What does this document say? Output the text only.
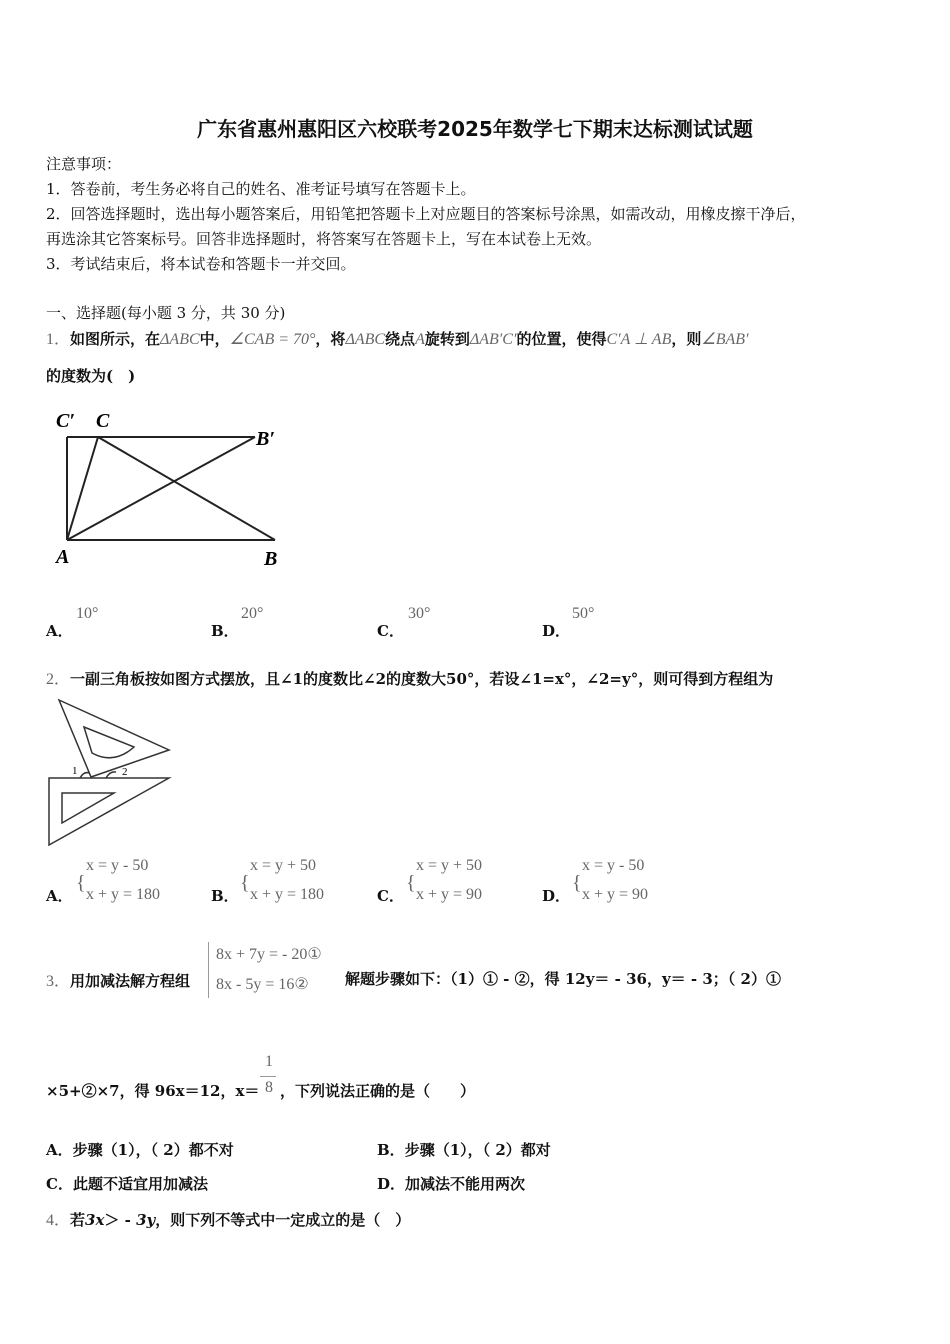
广东省惠州惠阳区六校联考2025年数学七下期末达标测试试题
注意事项：
1．答卷前，考生务必将自己的姓名、准考证号填写在答题卡上。
2．回答选择题时，选出每小题答案后，用铅笔把答题卡上对应题目的答案标号涂黑，如需改动，用橡皮擦干净后，
再选涂其它答案标号。回答非选择题时，将答案写在答题卡上，写在本试卷上无效。
3．考试结束后，将本试卷和答题卡一并交回。
一、选择题(每小题 3 分，共 30 分)
1．如图所示，在ΔABC中，∠CAB = 70°，将ΔABC绕点A旋转到ΔAB′C′的位置，使得C′A ⊥ AB，则∠BAB′
的度数为(　)
C′ C
B′
A	B
A．
10°
B．
20°
C．
30°
D．
50°
2．一副三角板按如图方式摆放，且∠1的度数比∠2的度数大50°，若设∠1=x°，∠2=y°，则可得到方程组为
1	2
A．
{
x = y - 50
x + y = 180	B．
{
x = y + 50
x + y = 180	C．
{
x = y + 50
x + y = 90	D．
{
x = y - 50
x + y = 90
3．用加减法解方程组
8x + 7y = - 20①
8x - 5y = 16② 解题步骤如下：（1）① - ②，得 12y＝ - 36，y＝ - 3；（ 2）①
×5+②×7，得 96x＝12，x＝
1
8 ，下列说法正确的是（　　）
A．步骤（1），（ 2）都不对	B．步骤（1），（ 2）都对
C．此题不适宜用加减法	D．加减法不能用两次
4．若3x＞ - 3y，则下列不等式中一定成立的是（　）
